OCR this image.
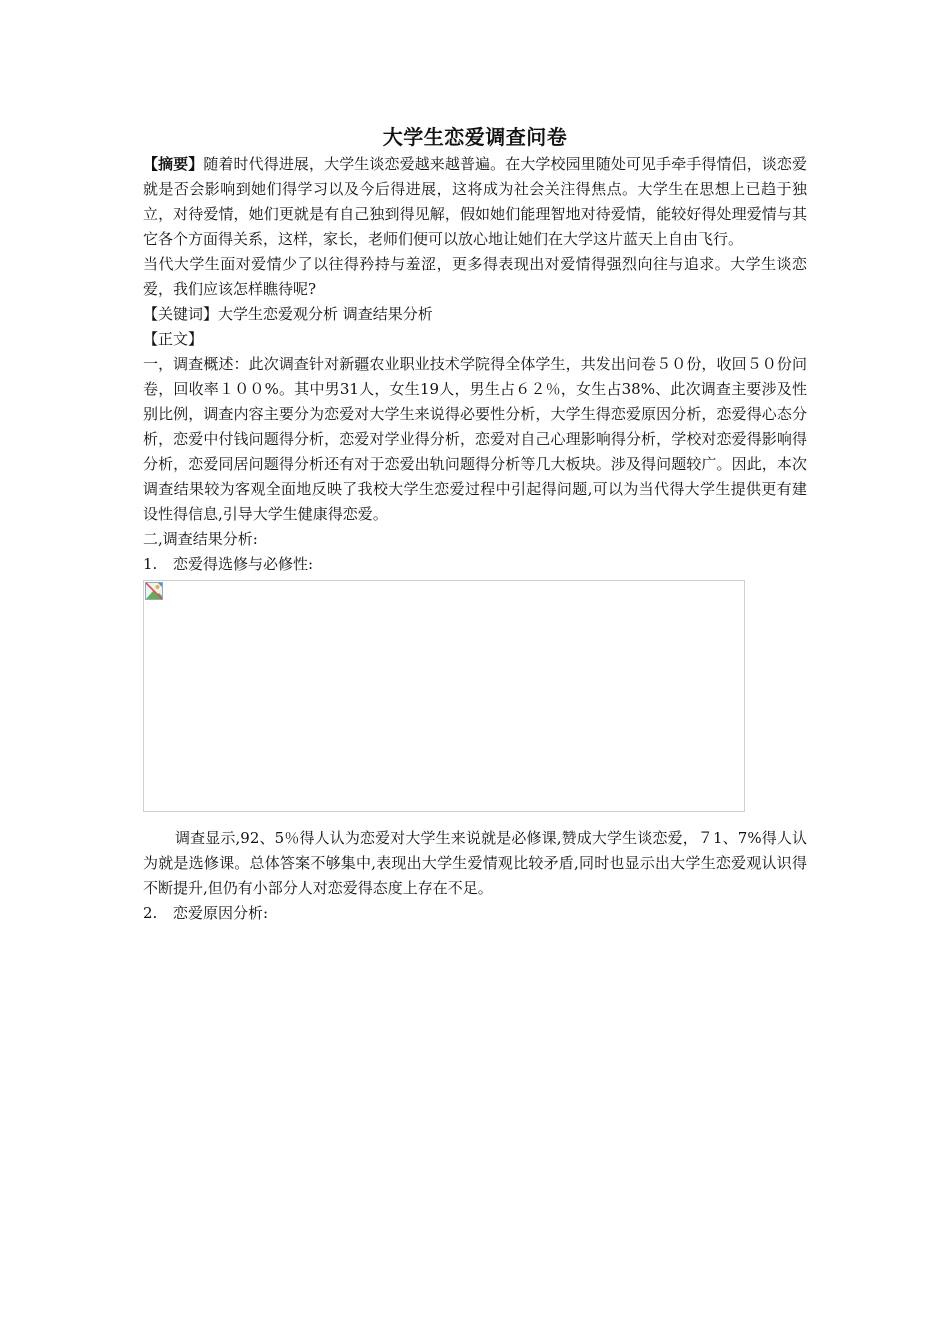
大学生恋爱调查问卷

【摘要】随着时代得进展，大学生谈恋爱越来越普遍。在大学校园里随处可见手牵手得情侣，谈恋爱就是否会影响到她们得学习以及今后得进展，这将成为社会关注得焦点。大学生在思想上已趋于独立，对待爱情，她们更就是有自己独到得见解，假如她们能理智地对待爱情，能较好得处理爱情与其它各个方面得关系，这样，家长，老师们便可以放心地让她们在大学这片蓝天上自由飞行。

当代大学生面对爱情少了以往得矜持与羞涩，更多得表现出对爱情得强烈向往与追求。大学生谈恋爱，我们应该怎样瞧待呢?

【关键词】大学生恋爱观分析 调查结果分析

【正文】

一，调查概述：此次调查针对新疆农业职业技术学院得全体学生，共发出问卷５０份，收回５０份问卷，回收率１００%。其中男31人，女生19人，男生占６２％，女生占38%、此次调查主要涉及性别比例，调查内容主要分为恋爱对大学生来说得必要性分析，大学生得恋爱原因分析，恋爱得心态分析，恋爱中付钱问题得分析，恋爱对学业得分析，恋爱对自己心理影响得分析，学校对恋爱得影响得分析，恋爱同居问题得分析还有对于恋爱出轨问题得分析等几大板块。涉及得问题较广。因此，本次调查结果较为客观全面地反映了我校大学生恋爱过程中引起得问题,可以为当代得大学生提供更有建设性得信息,引导大学生健康得恋爱。

二,调查结果分析:

1.	恋爱得选修与必修性:

调查显示,92、5％得人认为恋爱对大学生来说就是必修课,赞成大学生谈恋爱，７1、7%得人认为就是选修课。总体答案不够集中,表现出大学生爱情观比较矛盾,同时也显示出大学生恋爱观认识得不断提升,但仍有小部分人对恋爱得态度上存在不足。

2.	恋爱原因分析:
